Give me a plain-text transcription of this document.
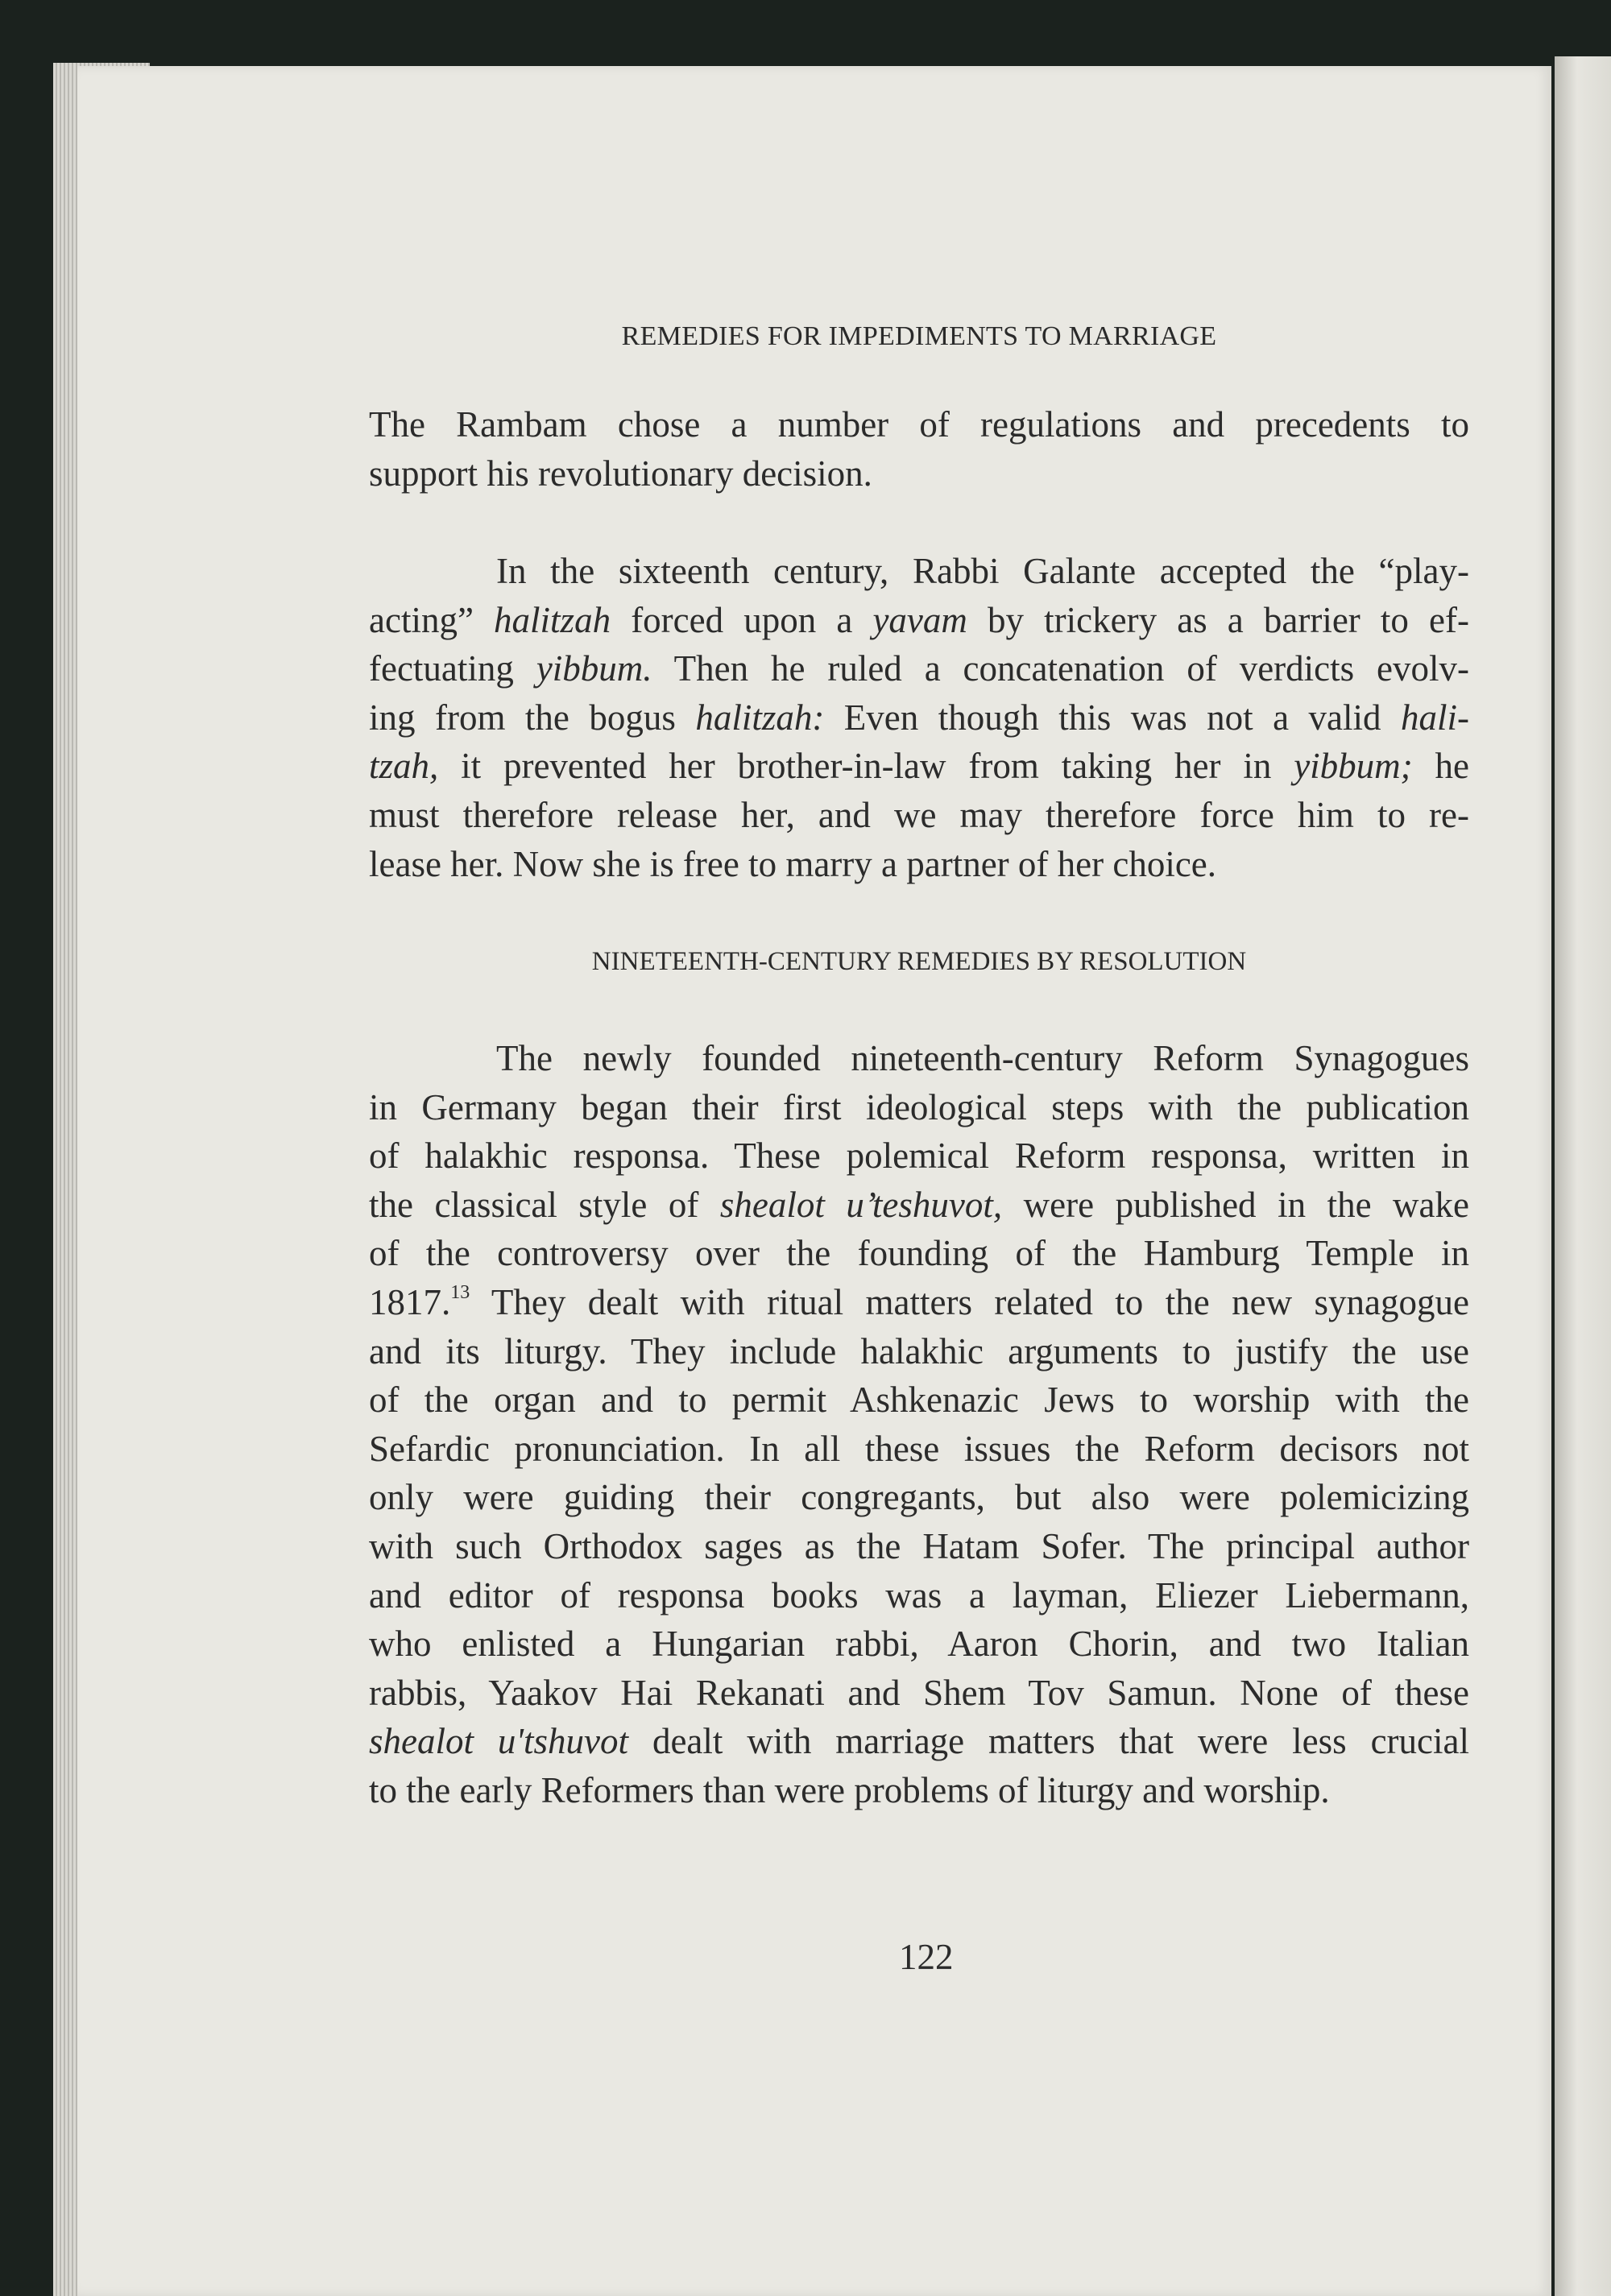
REMEDIES FOR IMPEDIMENTS TO MARRIAGE
The Rambam chose a number of regulations and precedents to
support his revolutionary decision.
In the sixteenth century, Rabbi Galante accepted the “play-
acting” halitzah forced upon a yavam by trickery as a barrier to ef-
fectuating yibbum. Then he ruled a concatenation of verdicts evolv-
ing from the bogus halitzah: Even though this was not a valid hali-
tzah, it prevented her brother-in-law from taking her in yibbum; he
must therefore release her, and we may therefore force him to re-
lease her. Now she is free to marry a partner of her choice.
NINETEENTH-CENTURY REMEDIES BY RESOLUTION
The newly founded nineteenth-century Reform Synagogues
in Germany began their first ideological steps with the publication
of halakhic responsa. These polemical Reform responsa, written in
the classical style of shealot u’teshuvot, were published in the wake
of the controversy over the founding of the Hamburg Temple in
1817.13 They dealt with ritual matters related to the new synagogue
and its liturgy. They include halakhic arguments to justify the use
of the organ and to permit Ashkenazic Jews to worship with the
Sefardic pronunciation. In all these issues the Reform decisors not
only were guiding their congregants, but also were polemicizing
with such Orthodox sages as the Hatam Sofer. The principal author
and editor of responsa books was a layman, Eliezer Liebermann,
who enlisted a Hungarian rabbi, Aaron Chorin, and two Italian
rabbis, Yaakov Hai Rekanati and Shem Tov Samun. None of these
shealot u'tshuvot dealt with marriage matters that were less crucial
to the early Reformers than were problems of liturgy and worship.
122
